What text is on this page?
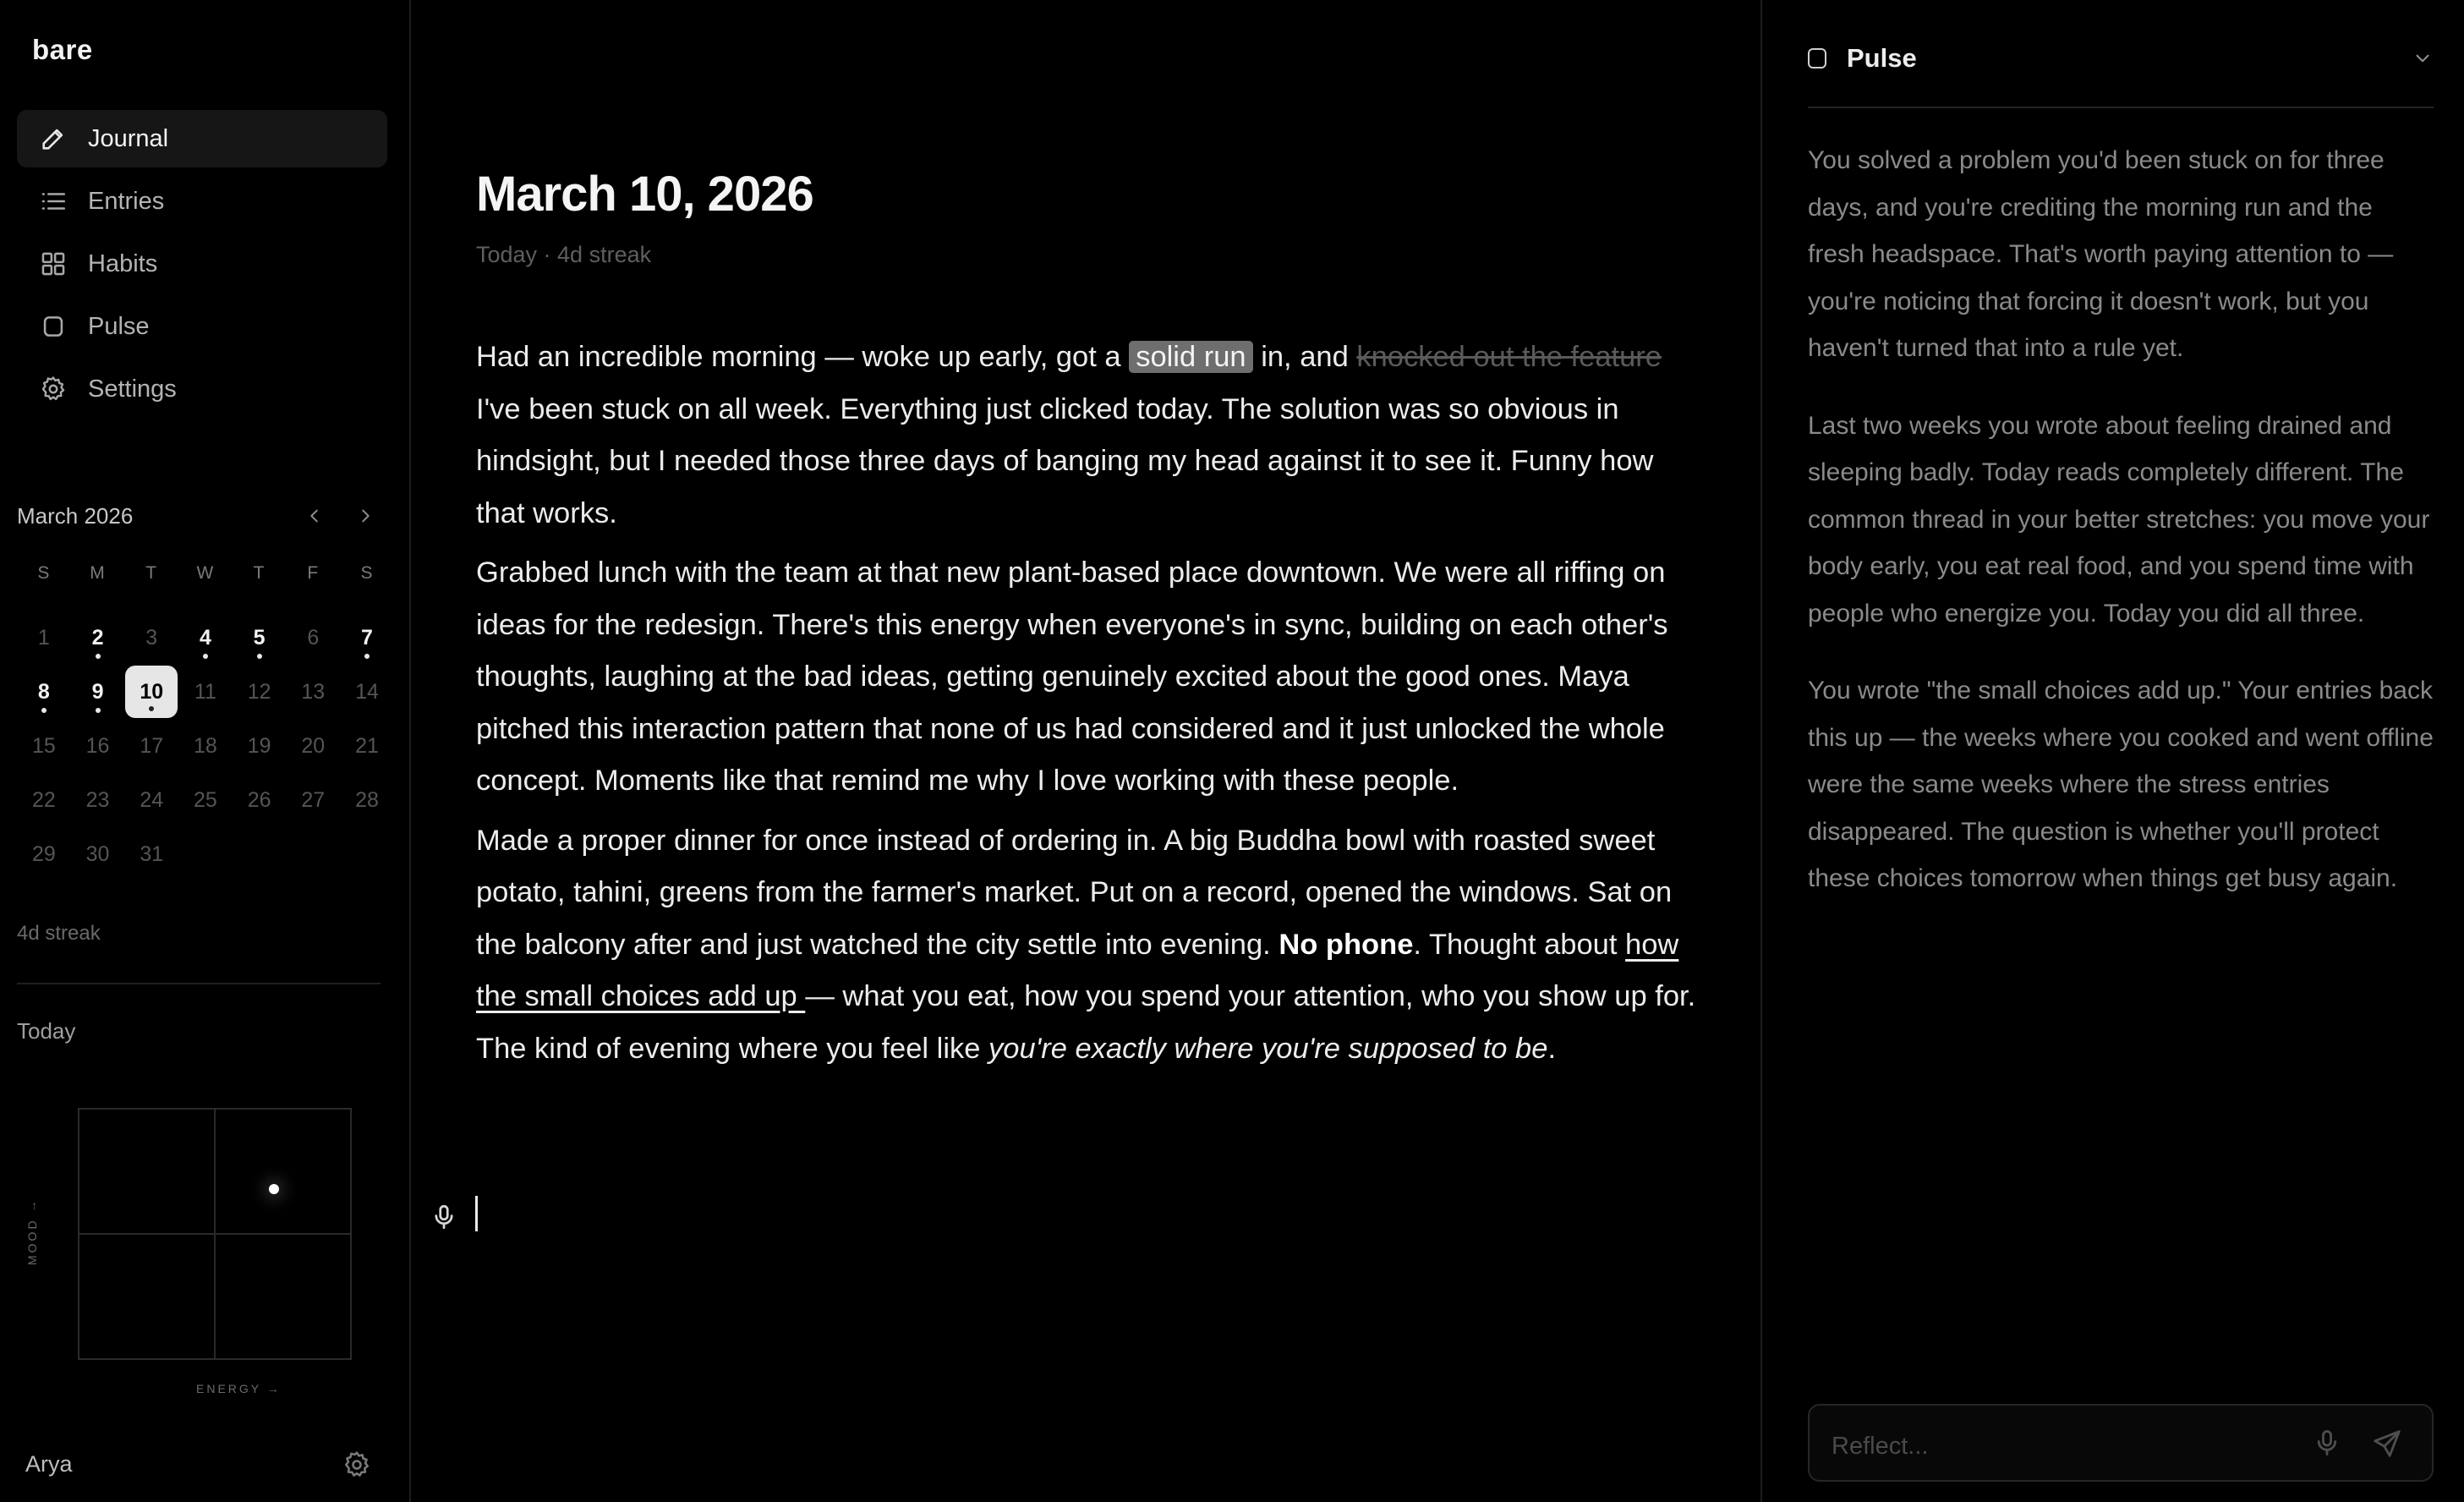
bare
Journal
Entries
Habits
Pulse
Settings
March 2026
S	M	T	W	T	F	S
1 2 3 4 5 6 7
8 9	10	11 12 13 14
15 16 17 18 19 20 21
22 23 24 25 26 27 28
29 30 31
4d streak
Today
MOOD →
ENERGY →
Arya
March 10, 2026
Today · 4d streak

Had an incredible morning — woke up early, got a solid run in, and knocked out the feature I've been stuck on all week. Everything just clicked today. The solution was so obvious in hindsight, but I needed those three days of banging my head against it to see it. Funny how that works.

Grabbed lunch with the team at that new plant-based place downtown. We were all riffing on ideas for the redesign. There's this energy when everyone's in sync, building on each other's thoughts, laughing at the bad ideas, getting genuinely excited about the good ones. Maya pitched this interaction pattern that none of us had considered and it just unlocked the whole concept. Moments like that remind me why I love working with these people.

Made a proper dinner for once instead of ordering in. A big Buddha bowl with roasted sweet potato, tahini, greens from the farmer's market. Put on a record, opened the windows. Sat on the balcony after and just watched the city settle into evening. No phone. Thought about how the small choices add up — what you eat, how you spend your attention, who you show up for. The kind of evening where you feel like you're exactly where you're supposed to be.

Pulse

You solved a problem you'd been stuck on for three days, and you're crediting the morning run and the fresh headspace. That's worth paying attention to — you're noticing that forcing it doesn't work, but you haven't turned that into a rule yet.

Last two weeks you wrote about feeling drained and sleeping badly. Today reads completely different. The common thread in your better stretches: you move your body early, you eat real food, and you spend time with people who energize you. Today you did all three.

You wrote "the small choices add up." Your entries back this up — the weeks where you cooked and went offline were the same weeks where the stress entries disappeared. The question is whether you'll protect these choices tomorrow when things get busy again.

Reflect...
